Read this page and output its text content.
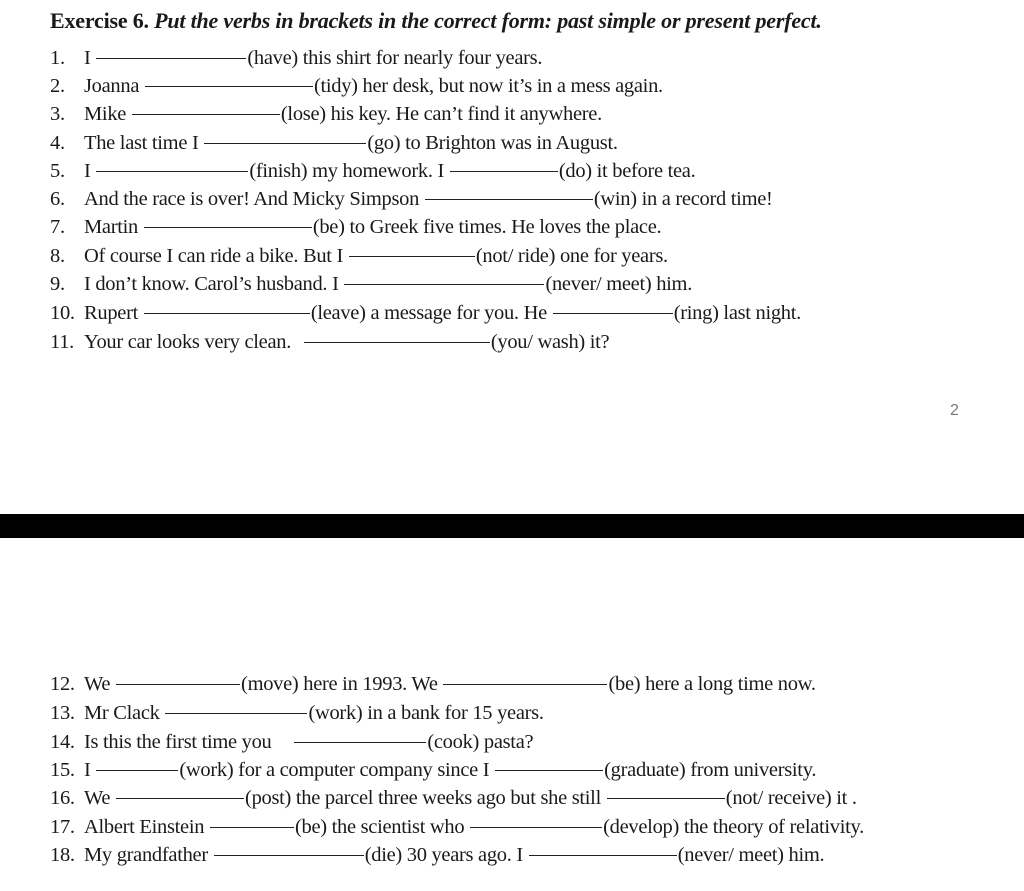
Exercise 6. Put the verbs in brackets in the correct form: past simple or present perfect.
1. I	(have) this shirt for nearly four years.
2. Joanna	(tidy) her desk, but now it’s in a mess again.
3. Mike	(lose) his key. He can’t find it anywhere.
4. The last time I	(go) to Brighton was in August.
5. I	(finish) my homework. I	(do) it before tea.
6. And the race is over! And Micky Simpson	(win) in a record time!
7. Martin	(be) to Greek five times. He loves the place.
8. Of course I can ride a bike. But I	(not/ ride) one for years.
9. I don’t know. Carol’s husband. I	(never/ meet) him.
10. Rupert	(leave) a message for you. He	(ring) last night.
11. Your car looks very clean.	(you/ wash) it?
2
12. We	(move) here in 1993. We	(be) here a long time now.
13. Mr Clack	(work) in a bank for 15 years.
14. Is this the first time you	(cook) pasta?
15. I	(work) for a computer company since I	(graduate) from university.
16. We	(post) the parcel three weeks ago but she still	(not/ receive) it .
17. Albert Einstein	(be) the scientist who	(develop) the theory of relativity.
18. My grandfather	(die) 30 years ago. I	(never/ meet) him.
